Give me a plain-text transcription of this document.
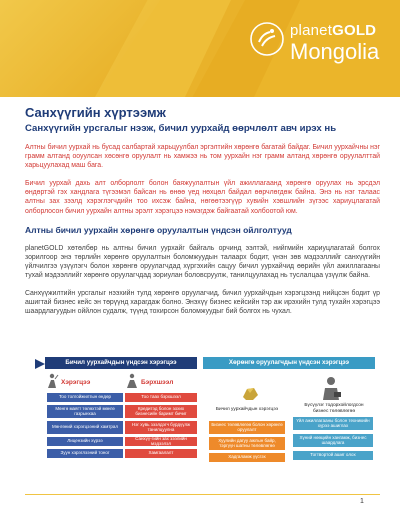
planetGOLD
Mongolia
Санхүүгийн хүртээмж
Санхүүгийн урсгалыг нээж, бичил уурхайд өөрчлөлт авч ирэх нь

Алтны бичил уурхай нь бусад салбартай харьцуулбал эргэлтийн хөрөнгө багатай байдаг. Бичил уурхайчны нэг грамм алтанд ооуулсан хөсөнгө оруулалт нь хамжээ нь том уурхайн нэг грамм алтанд хөрөнгө оруулалттай харьцуулахад маш бага.

Бичил уурхай дахь алт олборлолт болон баяжуулалтын үйл ажиллагаанд хөрөнгө оруулах нь эрсдэл өндөртэй гэх хандлага түгээмэл байсан нь өнөө үед нөхцөл байдал өөрчлөгдөж байна. Энэ нь нэг талаас алтны зах зээлд хэрэглэгчдийн тоо ихсэж байна, нөгөөтээгүүр хувийн хэвшлийн зүгээс хариуцлагатай олборлосон бичил уурхайн алтны эрэлт хэрэгцээ нэмэгдэж байгаатай холбоотой юм.

Алтны бичил уурхайн хөрөнгө оруулалтын үндсэн ойлголтууд

planetGOLD хөтөлбөр нь алтны бичил уурхайг байгаль орчинд ээлтэй, нийгмийн хариуцлагатай болгох зорилгоор энэ төрлийн хөрөнгө оруулалтын боломжуудын талаарх бодит, үнэн зөв мэдээллийг санхүүгийн үйлчилгээ үзүүлэгч болон хөрөнгө оруулагчдад хүргэхийн сацуу бичил уурхайчид өөрийн үйл ажиллагааны тухай мэдээллийг хөрөнгө оруулагчдад зориулан боловсруулж, танилцуулахад нь туслалцаа үзүүлж байна.

Санхүүжилтийн урсгалыг нээхийн тулд хөрөнгө оруулагчид, бичил уурхайчдын хэрэгцээнд нийцсэн бодит үр ашигтай бизнес кейс эн төрүүнд харагдаж болно. Энэхүү бизнес кейсийн тэр аж ирэхийн тулд тухайн хэрэгцээ шаардлагуудын оййлон судалж, түүнд тохирсон боломжуудыг бий болгох нь чухал.

Бичил уурхайчдын үндсэн хэрэгцээ	Хөрөнгө оруулагчдын үндсэн хэрэгцээ
Хэрэгцээ	Бэрхшээл
Тоо толгойжилтын өндөр
Мөнгө маягт төлөхтэй мөнгө газрынхаа
Мөнгөний хэрэгцээний хамтрал
Лицензийн хүрээ
Зуун хэрэглээний тоног
Тоо таах бэрхшээл
Кредитэд болон зохих бизнесийн баримт бичиг
Нэг хувь зээлдэгч бүрдүүлж танилцуулна
Санхүү-гийн зах зээлийн мэдээлэл
Хамгаалалт
Бичил уурхайчдын хэрэгцээ
Бизнес төлөвлөгөө болон хөрөнгө оруулалт
Хуулийн дагуу ажлын байр, тэргүүн шатны төлөвлөгөө
Хадгаламж үүсгэх
Бүсүүлэг тодорхойлогдсон бизнес төлөвлөгөө
Үйл ажиллагааны болон техникийн хүрээ ашиглах
Хүний нөөцийн хангамж, бизнес шаардлага
Тогтвортой ашиг олох
1
